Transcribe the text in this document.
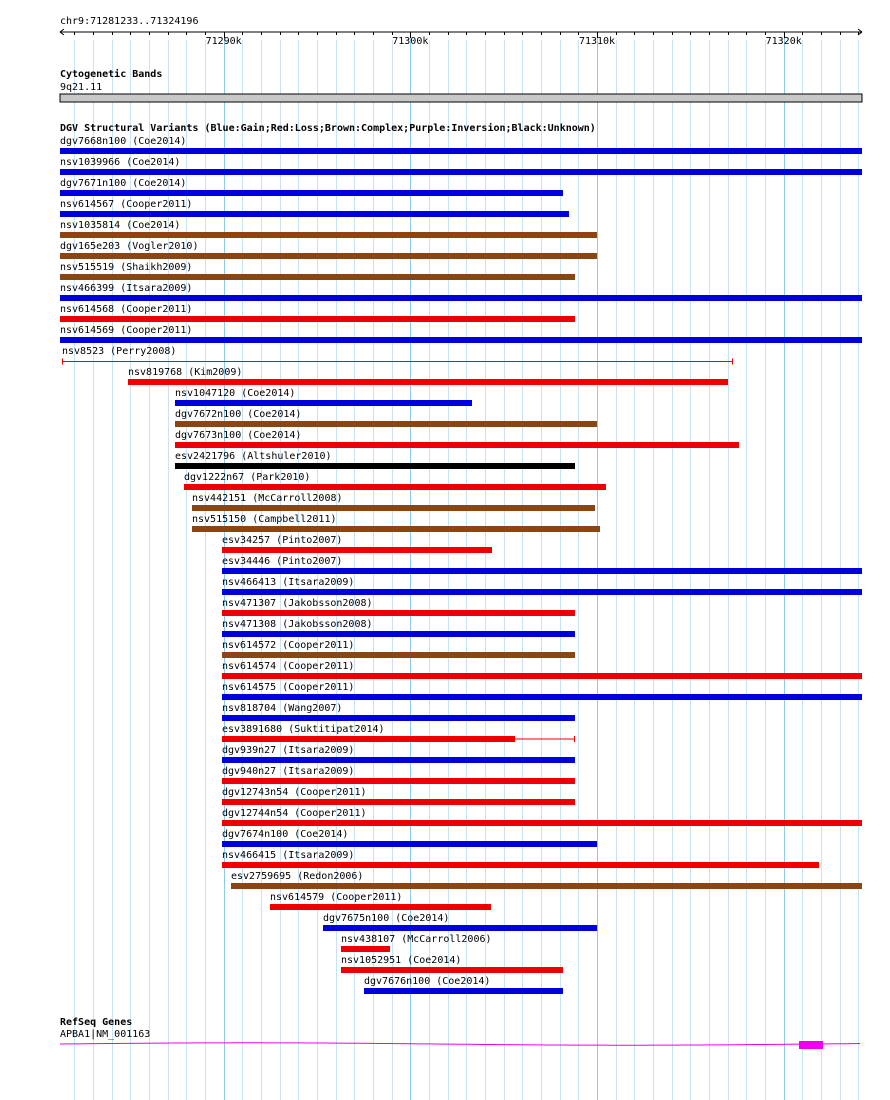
chr9:71281233..71324196
71290k	71300k	71310k	71320k
Cytogenetic Bands
9q21.11
DGV Structural Variants (Blue:Gain;Red:Loss;Brown:Complex;Purple:Inversion;Black:Unknown)
dgv7668n100 (Coe2014)
nsv1039966 (Coe2014)
dgv7671n100 (Coe2014)
nsv614567 (Cooper2011)
nsv1035814 (Coe2014)
dgv165e203 (Vogler2010)
nsv515519 (Shaikh2009)
nsv466399 (Itsara2009)
nsv614568 (Cooper2011)
nsv614569 (Cooper2011)
nsv8523 (Perry2008)
nsv819768 (Kim2009)
nsv1047120 (Coe2014)
dgv7672n100 (Coe2014)
dgv7673n100 (Coe2014)
esv2421796 (Altshuler2010)
dgv1222n67 (Park2010)
nsv442151 (McCarroll2008)
nsv515150 (Campbell2011)
esv34257 (Pinto2007)
esv34446 (Pinto2007)
nsv466413 (Itsara2009)
nsv471307 (Jakobsson2008)
nsv471308 (Jakobsson2008)
nsv614572 (Cooper2011)
nsv614574 (Cooper2011)
nsv614575 (Cooper2011)
nsv818704 (Wang2007)
esv3891680 (Suktitipat2014)
dgv939n27 (Itsara2009)
dgv940n27 (Itsara2009)
dgv12743n54 (Cooper2011)
dgv12744n54 (Cooper2011)
dgv7674n100 (Coe2014)
nsv466415 (Itsara2009)
esv2759695 (Redon2006)
nsv614579 (Cooper2011)
dgv7675n100 (Coe2014)
nsv438107 (McCarroll2006)
nsv1052951 (Coe2014)
dgv7676n100 (Coe2014)
RefSeq Genes
APBA1|NM_001163
